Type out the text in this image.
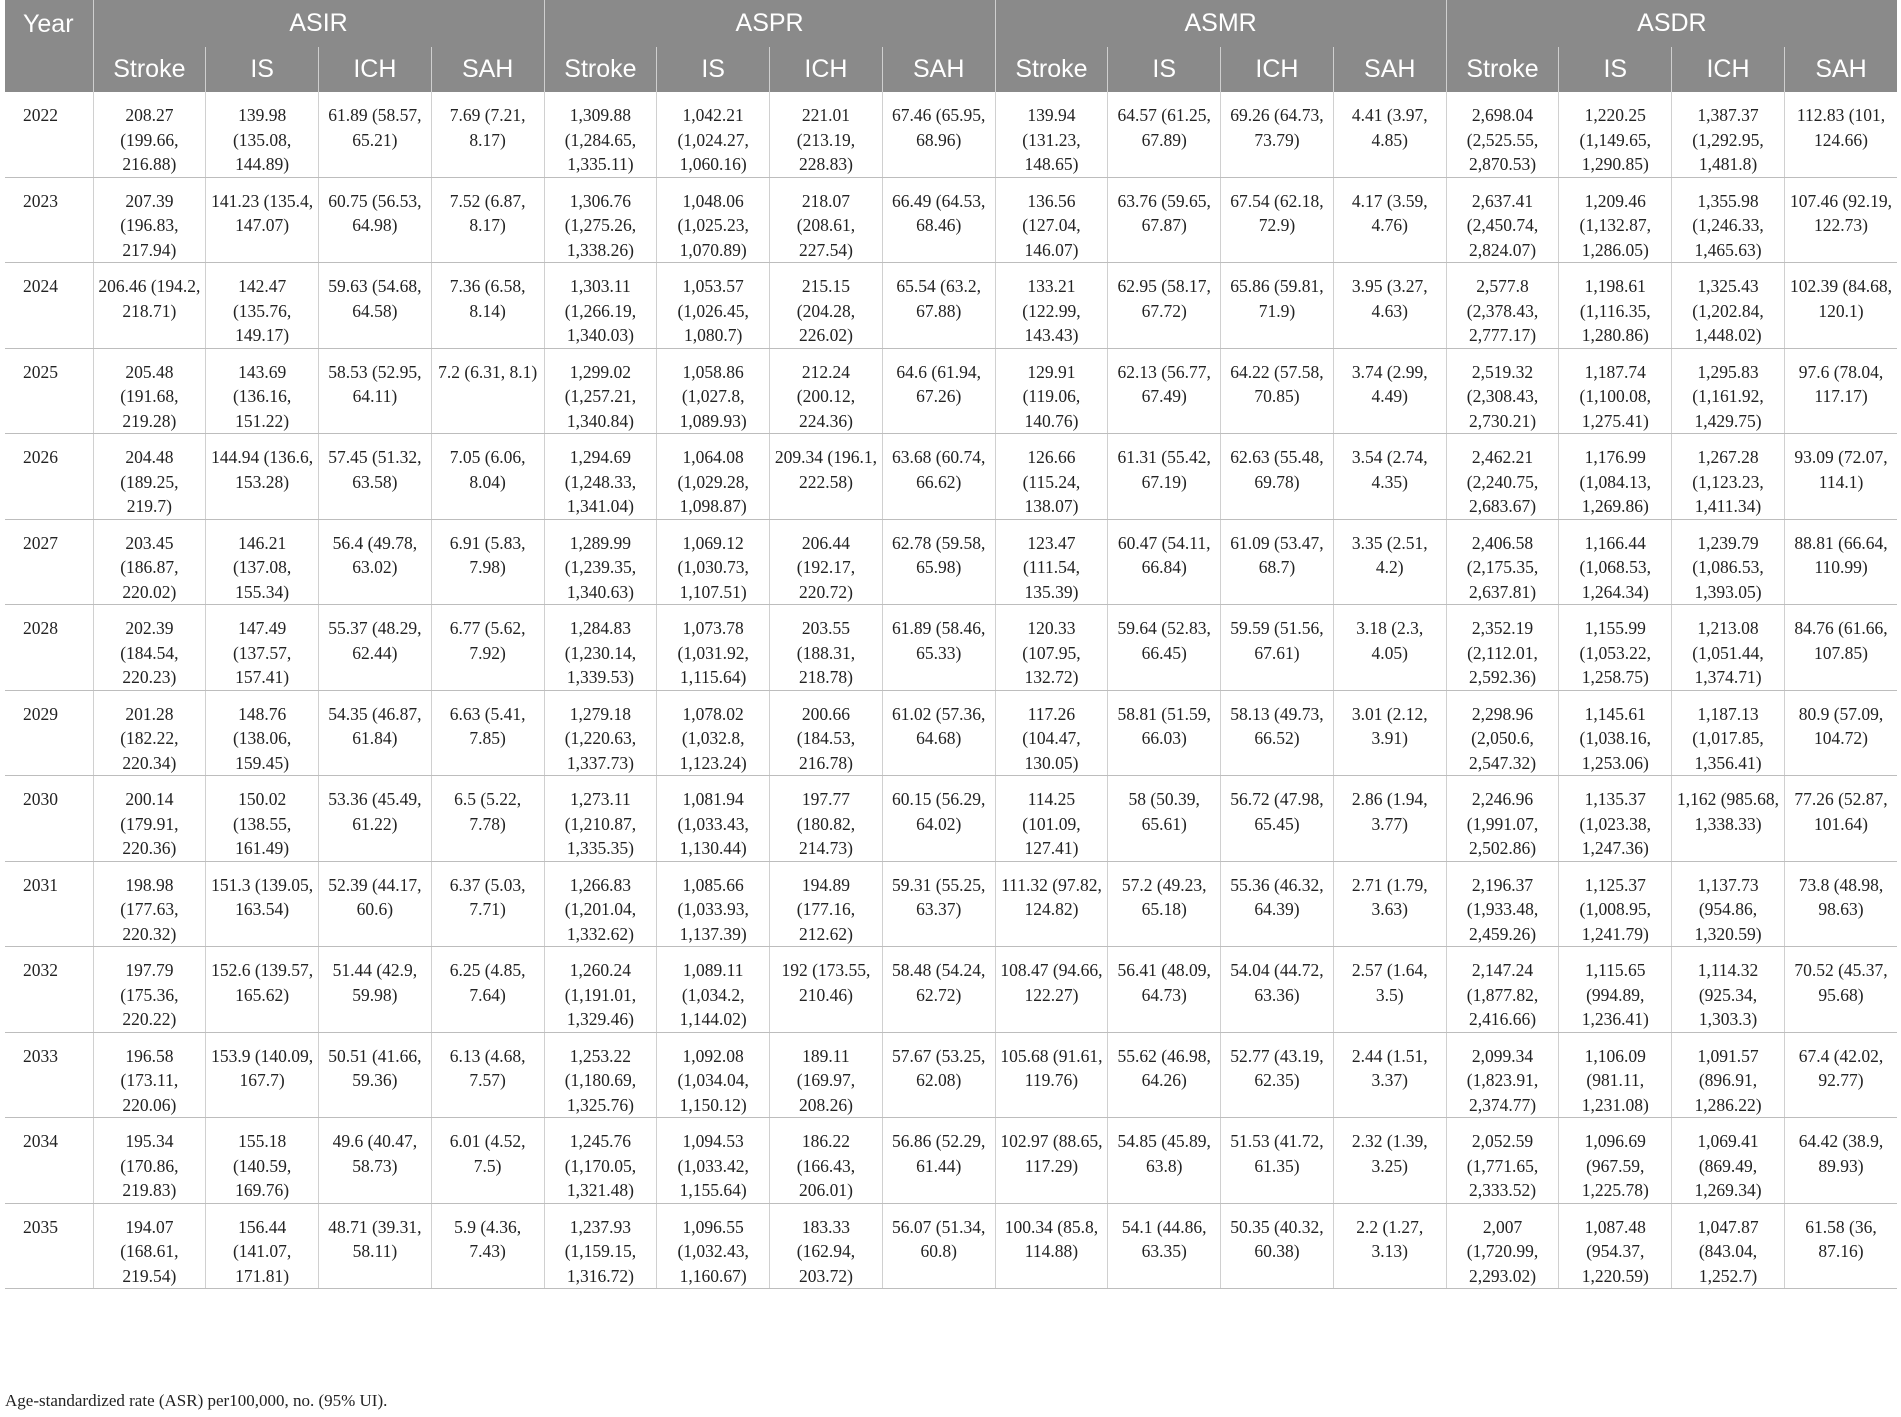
Year	ASIR				ASPR				ASMR				ASDR			
	Stroke	IS	ICH	SAH	Stroke	IS	ICH	SAH	Stroke	IS	ICH	SAH	Stroke	IS	ICH	SAH
2022	208.27 (199.66, 216.88)	139.98 (135.08, 144.89)	61.89 (58.57, 65.21)	7.69 (7.21, 8.17)	1,309.88 (1,284.65, 1,335.11)	1,042.21 (1,024.27, 1,060.16)	221.01 (213.19, 228.83)	67.46 (65.95, 68.96)	139.94 (131.23, 148.65)	64.57 (61.25, 67.89)	69.26 (64.73, 73.79)	4.41 (3.97, 4.85)	2,698.04 (2,525.55, 2,870.53)	1,220.25 (1,149.65, 1,290.85)	1,387.37 (1,292.95, 1,481.8)	112.83 (101, 124.66)
2023	207.39 (196.83, 217.94)	141.23 (135.4, 147.07)	60.75 (56.53, 64.98)	7.52 (6.87, 8.17)	1,306.76 (1,275.26, 1,338.26)	1,048.06 (1,025.23, 1,070.89)	218.07 (208.61, 227.54)	66.49 (64.53, 68.46)	136.56 (127.04, 146.07)	63.76 (59.65, 67.87)	67.54 (62.18, 72.9)	4.17 (3.59, 4.76)	2,637.41 (2,450.74, 2,824.07)	1,209.46 (1,132.87, 1,286.05)	1,355.98 (1,246.33, 1,465.63)	107.46 (92.19, 122.73)
2024	206.46 (194.2, 218.71)	142.47 (135.76, 149.17)	59.63 (54.68, 64.58)	7.36 (6.58, 8.14)	1,303.11 (1,266.19, 1,340.03)	1,053.57 (1,026.45, 1,080.7)	215.15 (204.28, 226.02)	65.54 (63.2, 67.88)	133.21 (122.99, 143.43)	62.95 (58.17, 67.72)	65.86 (59.81, 71.9)	3.95 (3.27, 4.63)	2,577.8 (2,378.43, 2,777.17)	1,198.61 (1,116.35, 1,280.86)	1,325.43 (1,202.84, 1,448.02)	102.39 (84.68, 120.1)
2025	205.48 (191.68, 219.28)	143.69 (136.16, 151.22)	58.53 (52.95, 64.11)	7.2 (6.31, 8.1)	1,299.02 (1,257.21, 1,340.84)	1,058.86 (1,027.8, 1,089.93)	212.24 (200.12, 224.36)	64.6 (61.94, 67.26)	129.91 (119.06, 140.76)	62.13 (56.77, 67.49)	64.22 (57.58, 70.85)	3.74 (2.99, 4.49)	2,519.32 (2,308.43, 2,730.21)	1,187.74 (1,100.08, 1,275.41)	1,295.83 (1,161.92, 1,429.75)	97.6 (78.04, 117.17)
2026	204.48 (189.25, 219.7)	144.94 (136.6, 153.28)	57.45 (51.32, 63.58)	7.05 (6.06, 8.04)	1,294.69 (1,248.33, 1,341.04)	1,064.08 (1,029.28, 1,098.87)	209.34 (196.1, 222.58)	63.68 (60.74, 66.62)	126.66 (115.24, 138.07)	61.31 (55.42, 67.19)	62.63 (55.48, 69.78)	3.54 (2.74, 4.35)	2,462.21 (2,240.75, 2,683.67)	1,176.99 (1,084.13, 1,269.86)	1,267.28 (1,123.23, 1,411.34)	93.09 (72.07, 114.1)
2027	203.45 (186.87, 220.02)	146.21 (137.08, 155.34)	56.4 (49.78, 63.02)	6.91 (5.83, 7.98)	1,289.99 (1,239.35, 1,340.63)	1,069.12 (1,030.73, 1,107.51)	206.44 (192.17, 220.72)	62.78 (59.58, 65.98)	123.47 (111.54, 135.39)	60.47 (54.11, 66.84)	61.09 (53.47, 68.7)	3.35 (2.51, 4.2)	2,406.58 (2,175.35, 2,637.81)	1,166.44 (1,068.53, 1,264.34)	1,239.79 (1,086.53, 1,393.05)	88.81 (66.64, 110.99)
2028	202.39 (184.54, 220.23)	147.49 (137.57, 157.41)	55.37 (48.29, 62.44)	6.77 (5.62, 7.92)	1,284.83 (1,230.14, 1,339.53)	1,073.78 (1,031.92, 1,115.64)	203.55 (188.31, 218.78)	61.89 (58.46, 65.33)	120.33 (107.95, 132.72)	59.64 (52.83, 66.45)	59.59 (51.56, 67.61)	3.18 (2.3, 4.05)	2,352.19 (2,112.01, 2,592.36)	1,155.99 (1,053.22, 1,258.75)	1,213.08 (1,051.44, 1,374.71)	84.76 (61.66, 107.85)
2029	201.28 (182.22, 220.34)	148.76 (138.06, 159.45)	54.35 (46.87, 61.84)	6.63 (5.41, 7.85)	1,279.18 (1,220.63, 1,337.73)	1,078.02 (1,032.8, 1,123.24)	200.66 (184.53, 216.78)	61.02 (57.36, 64.68)	117.26 (104.47, 130.05)	58.81 (51.59, 66.03)	58.13 (49.73, 66.52)	3.01 (2.12, 3.91)	2,298.96 (2,050.6, 2,547.32)	1,145.61 (1,038.16, 1,253.06)	1,187.13 (1,017.85, 1,356.41)	80.9 (57.09, 104.72)
2030	200.14 (179.91, 220.36)	150.02 (138.55, 161.49)	53.36 (45.49, 61.22)	6.5 (5.22, 7.78)	1,273.11 (1,210.87, 1,335.35)	1,081.94 (1,033.43, 1,130.44)	197.77 (180.82, 214.73)	60.15 (56.29, 64.02)	114.25 (101.09, 127.41)	58 (50.39, 65.61)	56.72 (47.98, 65.45)	2.86 (1.94, 3.77)	2,246.96 (1,991.07, 2,502.86)	1,135.37 (1,023.38, 1,247.36)	1,162 (985.68, 1,338.33)	77.26 (52.87, 101.64)
2031	198.98 (177.63, 220.32)	151.3 (139.05, 163.54)	52.39 (44.17, 60.6)	6.37 (5.03, 7.71)	1,266.83 (1,201.04, 1,332.62)	1,085.66 (1,033.93, 1,137.39)	194.89 (177.16, 212.62)	59.31 (55.25, 63.37)	111.32 (97.82, 124.82)	57.2 (49.23, 65.18)	55.36 (46.32, 64.39)	2.71 (1.79, 3.63)	2,196.37 (1,933.48, 2,459.26)	1,125.37 (1,008.95, 1,241.79)	1,137.73 (954.86, 1,320.59)	73.8 (48.98, 98.63)
2032	197.79 (175.36, 220.22)	152.6 (139.57, 165.62)	51.44 (42.9, 59.98)	6.25 (4.85, 7.64)	1,260.24 (1,191.01, 1,329.46)	1,089.11 (1,034.2, 1,144.02)	192 (173.55, 210.46)	58.48 (54.24, 62.72)	108.47 (94.66, 122.27)	56.41 (48.09, 64.73)	54.04 (44.72, 63.36)	2.57 (1.64, 3.5)	2,147.24 (1,877.82, 2,416.66)	1,115.65 (994.89, 1,236.41)	1,114.32 (925.34, 1,303.3)	70.52 (45.37, 95.68)
2033	196.58 (173.11, 220.06)	153.9 (140.09, 167.7)	50.51 (41.66, 59.36)	6.13 (4.68, 7.57)	1,253.22 (1,180.69, 1,325.76)	1,092.08 (1,034.04, 1,150.12)	189.11 (169.97, 208.26)	57.67 (53.25, 62.08)	105.68 (91.61, 119.76)	55.62 (46.98, 64.26)	52.77 (43.19, 62.35)	2.44 (1.51, 3.37)	2,099.34 (1,823.91, 2,374.77)	1,106.09 (981.11, 1,231.08)	1,091.57 (896.91, 1,286.22)	67.4 (42.02, 92.77)
2034	195.34 (170.86, 219.83)	155.18 (140.59, 169.76)	49.6 (40.47, 58.73)	6.01 (4.52, 7.5)	1,245.76 (1,170.05, 1,321.48)	1,094.53 (1,033.42, 1,155.64)	186.22 (166.43, 206.01)	56.86 (52.29, 61.44)	102.97 (88.65, 117.29)	54.85 (45.89, 63.8)	51.53 (41.72, 61.35)	2.32 (1.39, 3.25)	2,052.59 (1,771.65, 2,333.52)	1,096.69 (967.59, 1,225.78)	1,069.41 (869.49, 1,269.34)	64.42 (38.9, 89.93)
2035	194.07 (168.61, 219.54)	156.44 (141.07, 171.81)	48.71 (39.31, 58.11)	5.9 (4.36, 7.43)	1,237.93 (1,159.15, 1,316.72)	1,096.55 (1,032.43, 1,160.67)	183.33 (162.94, 203.72)	56.07 (51.34, 60.8)	100.34 (85.8, 114.88)	54.1 (44.86, 63.35)	50.35 (40.32, 60.38)	2.2 (1.27, 3.13)	2,007 (1,720.99, 2,293.02)	1,087.48 (954.37, 1,220.59)	1,047.87 (843.04, 1,252.7)	61.58 (36, 87.16)
Age-standardized rate (ASR) per100,000, no. (95% UI).
